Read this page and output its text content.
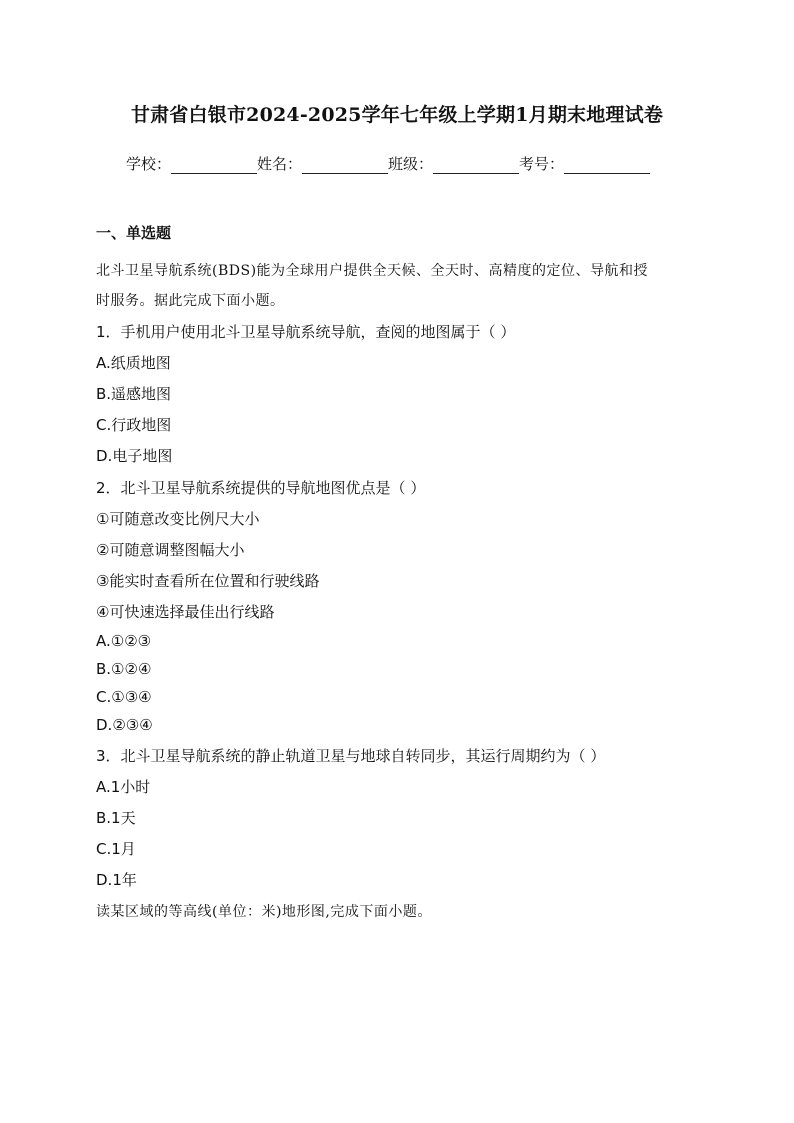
甘肃省白银市2024-2025学年七年级上学期1月期末地理试卷
学校：	姓名：	班级：	考号：
一、单选题
北斗卫星导航系统(BDS)能为全球用户提供全天候、全天时、高精度的定位、导航和授
时服务。据此完成下面小题。
1．手机用户使用北斗卫星导航系统导航，查阅的地图属于（ ）
A.纸质地图
B.遥感地图
C.行政地图
D.电子地图
2．北斗卫星导航系统提供的导航地图优点是（ ）
①可随意改变比例尺大小
②可随意调整图幅大小
③能实时查看所在位置和行驶线路
④可快速选择最佳出行线路
A.①②③
B.①②④
C.①③④
D.②③④
3．北斗卫星导航系统的静止轨道卫星与地球自转同步，其运行周期约为（ ）
A.1小时
B.1天
C.1月
D.1年
读某区域的等高线(单位：米)地形图,完成下面小题。
